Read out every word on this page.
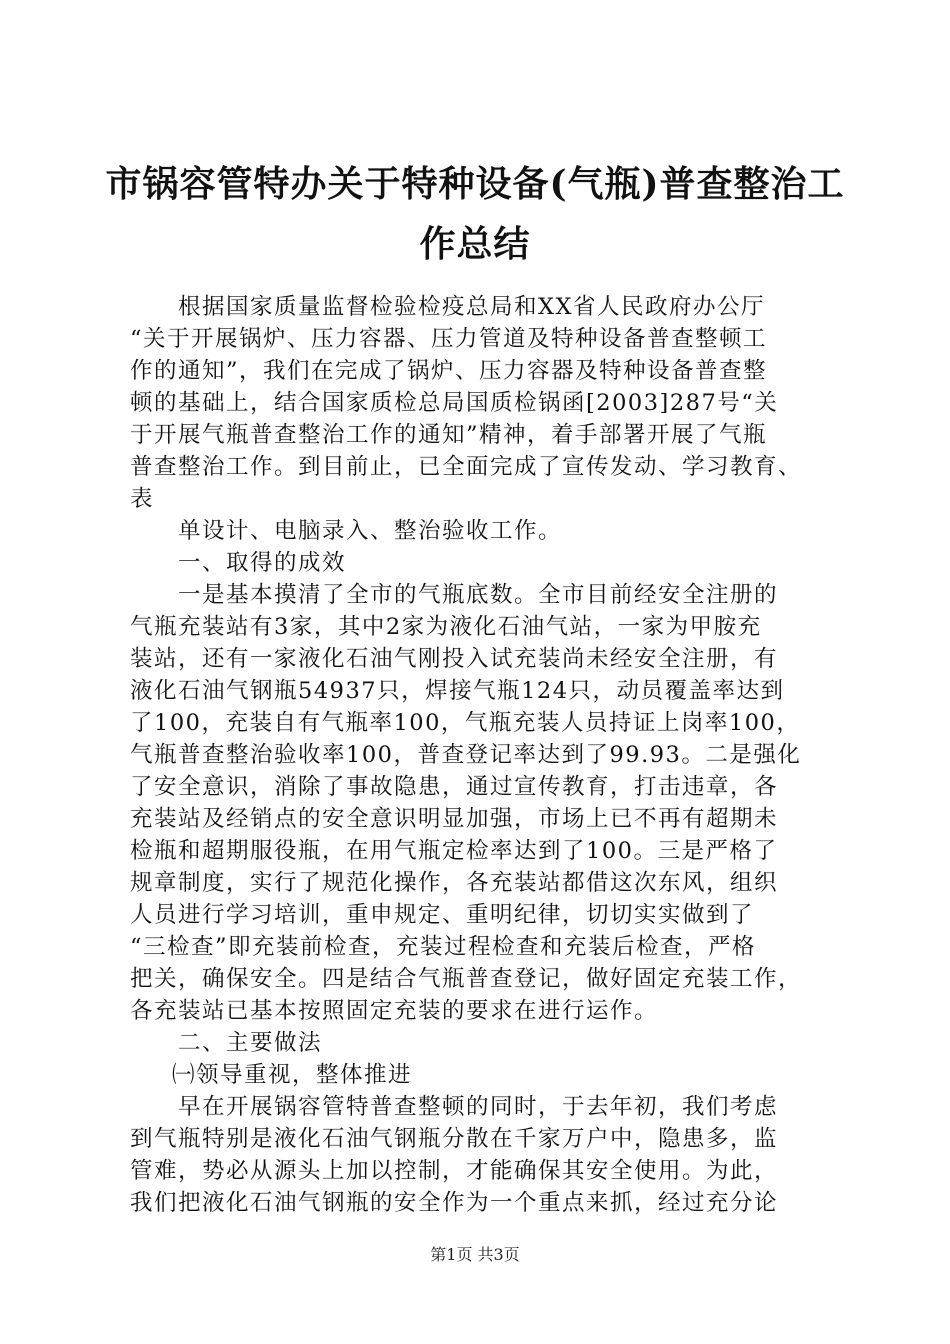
市锅容管特办关于特种设备(气瓶)普查整治工
作总结
根据国家质量监督检验检疫总局和XX省人民政府办公厅
“关于开展锅炉、压力容器、压力管道及特种设备普查整顿工
作的通知”，我们在完成了锅炉、压力容器及特种设备普查整
顿的基础上，结合国家质检总局国质检锅函[2003]287号“关
于开展气瓶普查整治工作的通知”精神，着手部署开展了气瓶
普查整治工作。到目前止，已全面完成了宣传发动、学习教育、
表
单设计、电脑录入、整治验收工作。
一、取得的成效
一是基本摸清了全市的气瓶底数。全市目前经安全注册的
气瓶充装站有3家，其中2家为液化石油气站，一家为甲胺充
装站，还有一家液化石油气刚投入试充装尚未经安全注册，有
液化石油气钢瓶54937只，焊接气瓶124只，动员覆盖率达到
了100，充装自有气瓶率100，气瓶充装人员持证上岗率100，
气瓶普查整治验收率100，普查登记率达到了99.93。二是强化
了安全意识，消除了事故隐患，通过宣传教育，打击违章，各
充装站及经销点的安全意识明显加强，市场上已不再有超期未
检瓶和超期服役瓶，在用气瓶定检率达到了100。三是严格了
规章制度，实行了规范化操作，各充装站都借这次东风，组织
人员进行学习培训，重申规定、重明纪律，切切实实做到了
“三检查”即充装前检查，充装过程检查和充装后检查，严格
把关，确保安全。四是结合气瓶普查登记，做好固定充装工作，
各充装站已基本按照固定充装的要求在进行运作。
二、主要做法
㈠领导重视，整体推进
早在开展锅容管特普查整顿的同时，于去年初，我们考虑
到气瓶特别是液化石油气钢瓶分散在千家万户中，隐患多，监
管难，势必从源头上加以控制，才能确保其安全使用。为此，
我们把液化石油气钢瓶的安全作为一个重点来抓，经过充分论
第1页 共3页
